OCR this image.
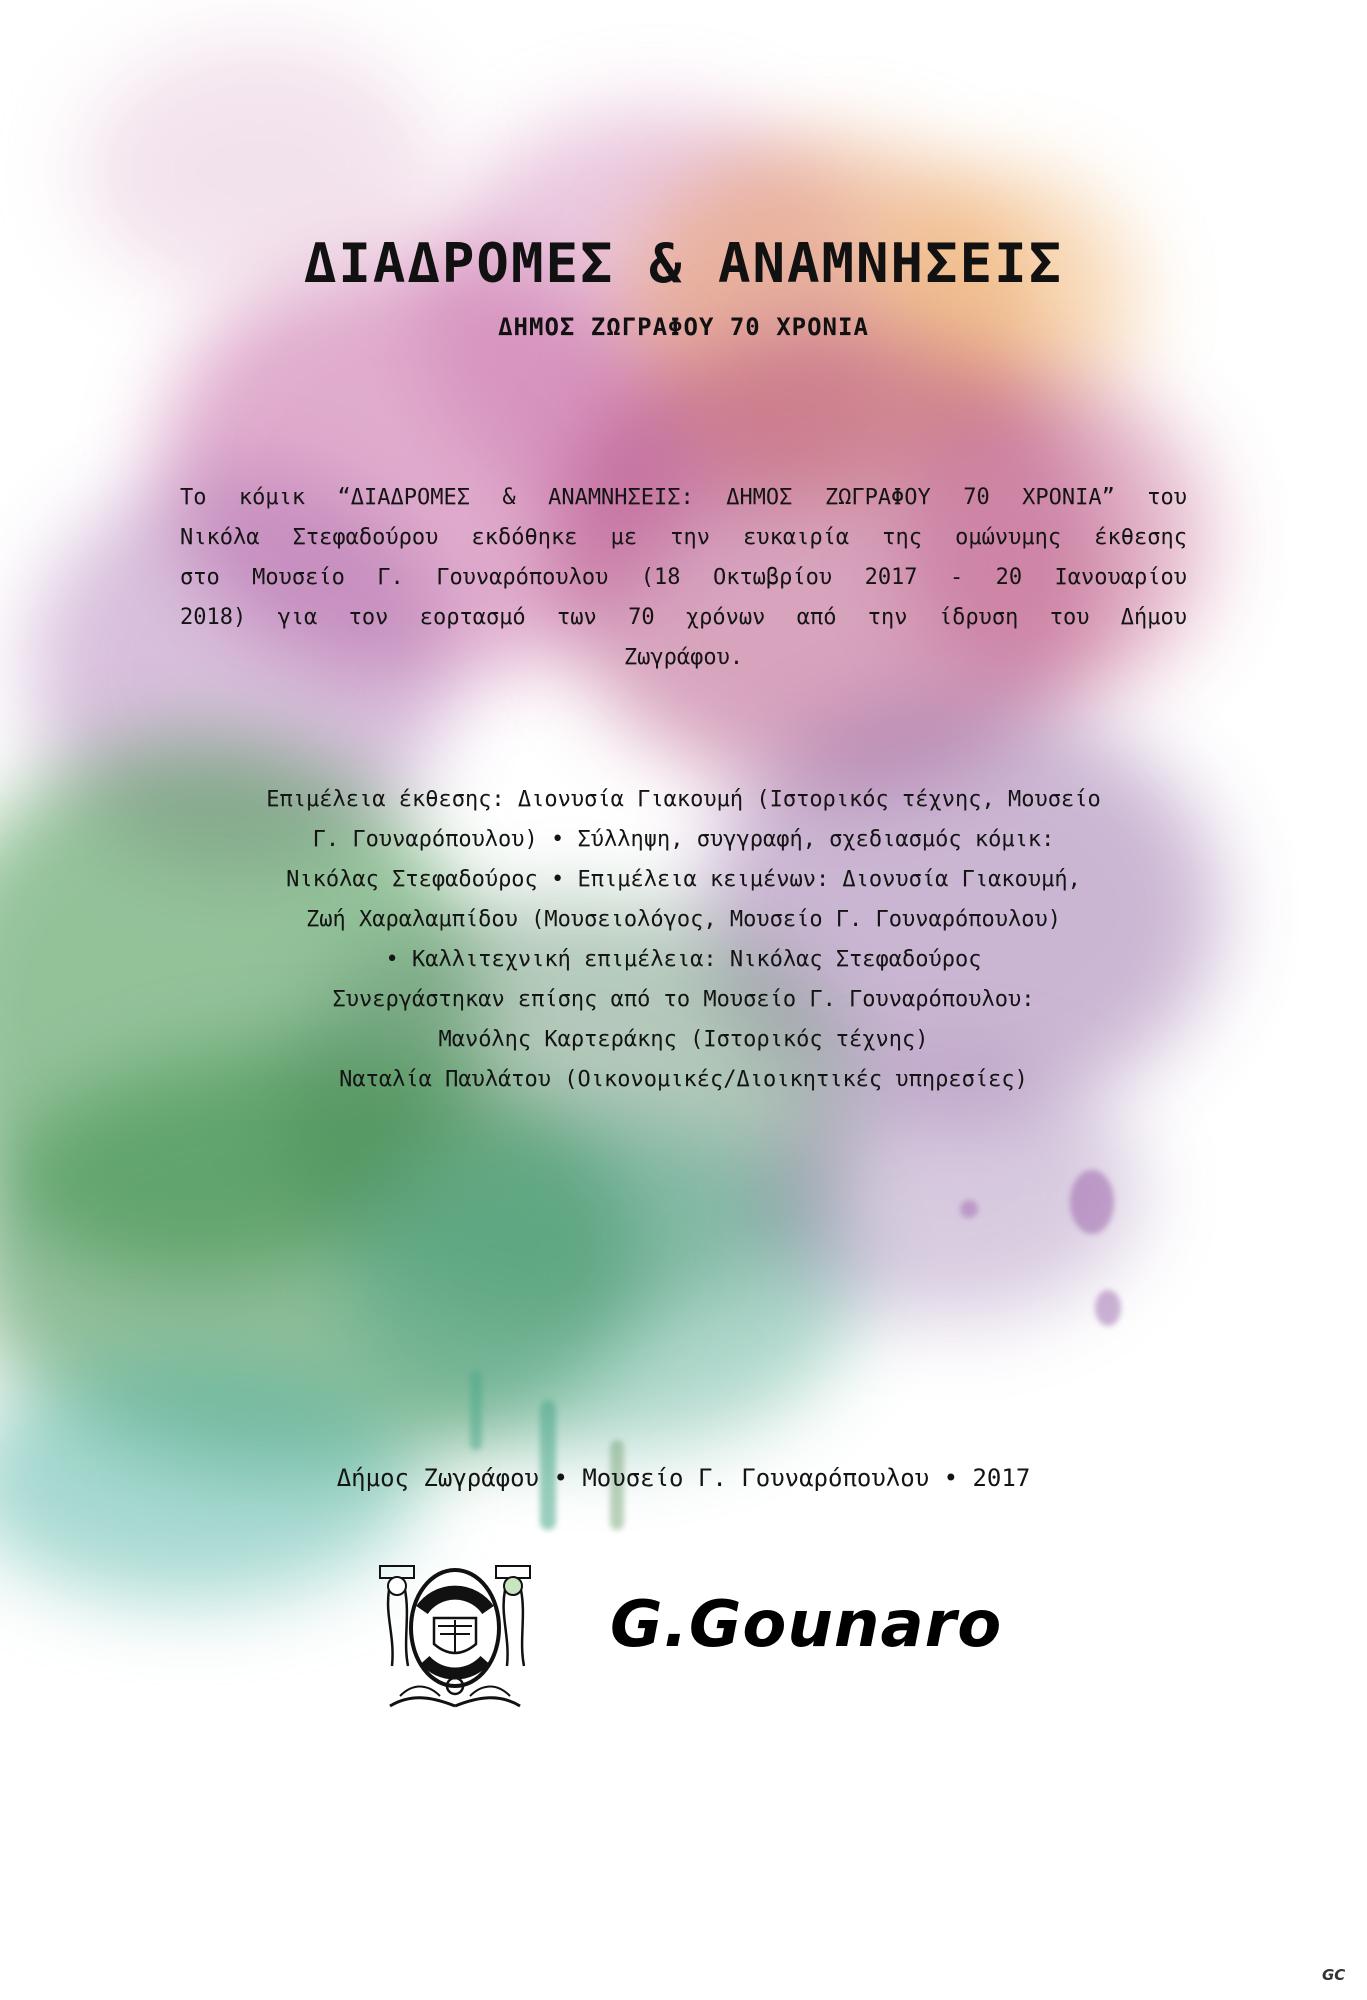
ΔΙΑΔΡΟΜΕΣ & ΑΝΑΜΝΗΣΕΙΣ
ΔΗΜΟΣ ΖΩΓΡΑΦΟΥ 70 ΧΡΟΝΙΑ
Το κόμικ “ΔΙΑΔΡΟΜΕΣ & ΑΝΑΜΝΗΣΕΙΣ: ΔΗΜΟΣ ΖΩΓΡΑΦΟΥ 70 ΧΡΟΝΙΑ” του
Νικόλα Στεφαδούρου εκδόθηκε με την ευκαιρία της ομώνυμης έκθεσης
στο Μουσείο Γ. Γουναρόπουλου (18 Οκτωβρίου 2017 - 20 Ιανουαρίου
2018) για τον εορτασμό των 70 χρόνων από την ίδρυση του Δήμου
Ζωγράφου.
Επιμέλεια έκθεσης: Διονυσία Γιακουμή (Ιστορικός τέχνης, Μουσείο
Γ. Γουναρόπουλου) • Σύλληψη, συγγραφή, σχεδιασμός κόμικ:
Νικόλας Στεφαδούρος • Επιμέλεια κειμένων: Διονυσία Γιακουμή,
Ζωή Χαραλαμπίδου (Μουσειολόγος, Μουσείο Γ. Γουναρόπουλου)
• Καλλιτεχνική επιμέλεια: Νικόλας Στεφαδούρος
Συνεργάστηκαν επίσης από το Μουσείο Γ. Γουναρόπουλου:
Μανόλης Καρτεράκης (Ιστορικός τέχνης)
Ναταλία Παυλάτου (Οικονομικές/Διοικητικές υπηρεσίες)
Δήμος Ζωγράφου • Μουσείο Γ. Γουναρόπουλου • 2017
G.Gounaro
GC
